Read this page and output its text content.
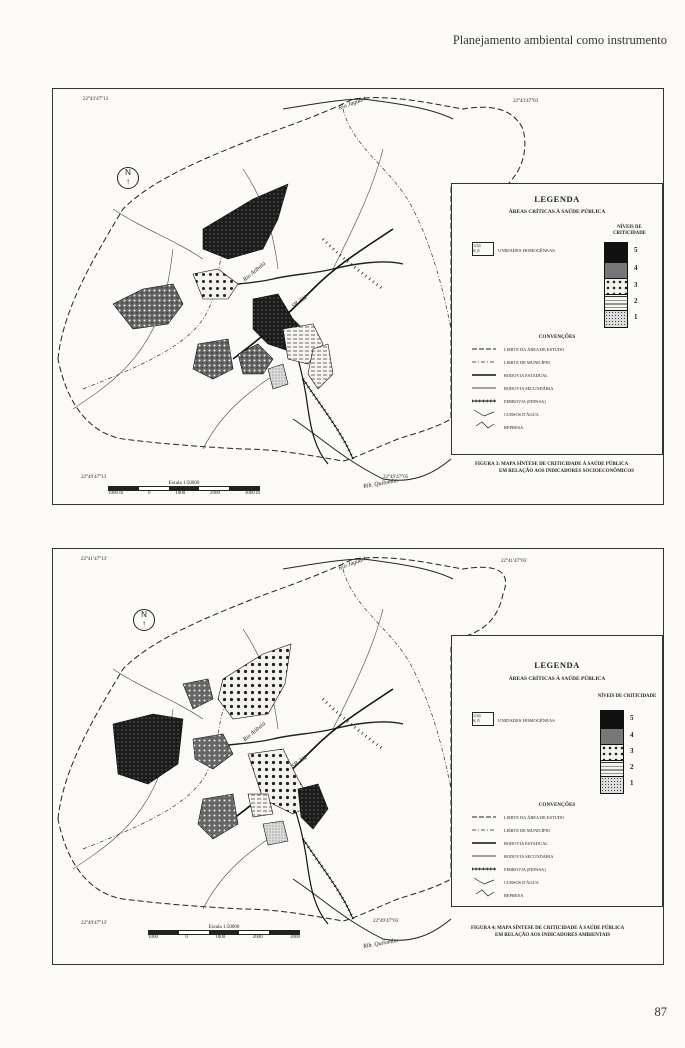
Planejamento ambiental como instrumento
22°43′47°13	22°43′47°03
22°49′47°13	22°49′47°05
N
↑
Rio Jaguari
Rio Atibaia
Rib. Quilombo
SP-332
Escala 1:50000
1000 m	0	1000	2000	3000 m
LEGENDA
ÁREAS CRÍTICAS À SAÚDE PÚBLICA
NÍVEIS DE CRITICIDADE
1|3|4
6| |5	UNIDADES HOMOGÊNEAS	5
4
3
2
1
CONVENÇÕES
LIMITE DA ÁREA DE ESTUDO
LIMITE DE MUNICÍPIO
RODOVIA ESTADUAL
RODOVIA SECUNDÁRIA
FERROVIA (FEPASA)
CURSOS D'ÁGUA
REPRESA
FIGURA 3: MAPA SÍNTESE DE CRITICIDADE À SAÚDE PÚBLICA
EM RELAÇÃO AOS INDICADORES SOCIOECONÔMICOS
22°41′47°13′	22°41′47°05′
22°49′47°13′	22°49′47°05′
N
↑
Rio Jaguari
Rio Atibaia
Rib. Quilombo
SP-332
Escala 1:50000
1000	0	1000	2000	3000
LEGENDA
ÁREAS CRÍTICAS À SAÚDE PÚBLICA
NÍVEIS DE CRITICIDADE
1|3|4
6| |5	UNIDADES HOMOGÊNEAS	5
4
3
2
1
CONVENÇÕES
LIMITE DA ÁREA DE ESTUDO
LIMITE DE MUNICÍPIO
RODOVIA ESTADUAL
RODOVIA SECUNDÁRIA
FERROVIA (FEPASA)
CURSOS D'ÁGUA
REPRESA
FIGURA 4: MAPA SÍNTESE DE CRITICIDADE À SAÚDE PÚBLICA
EM RELAÇÃO AOS INDICADORES AMBIENTAIS
87
